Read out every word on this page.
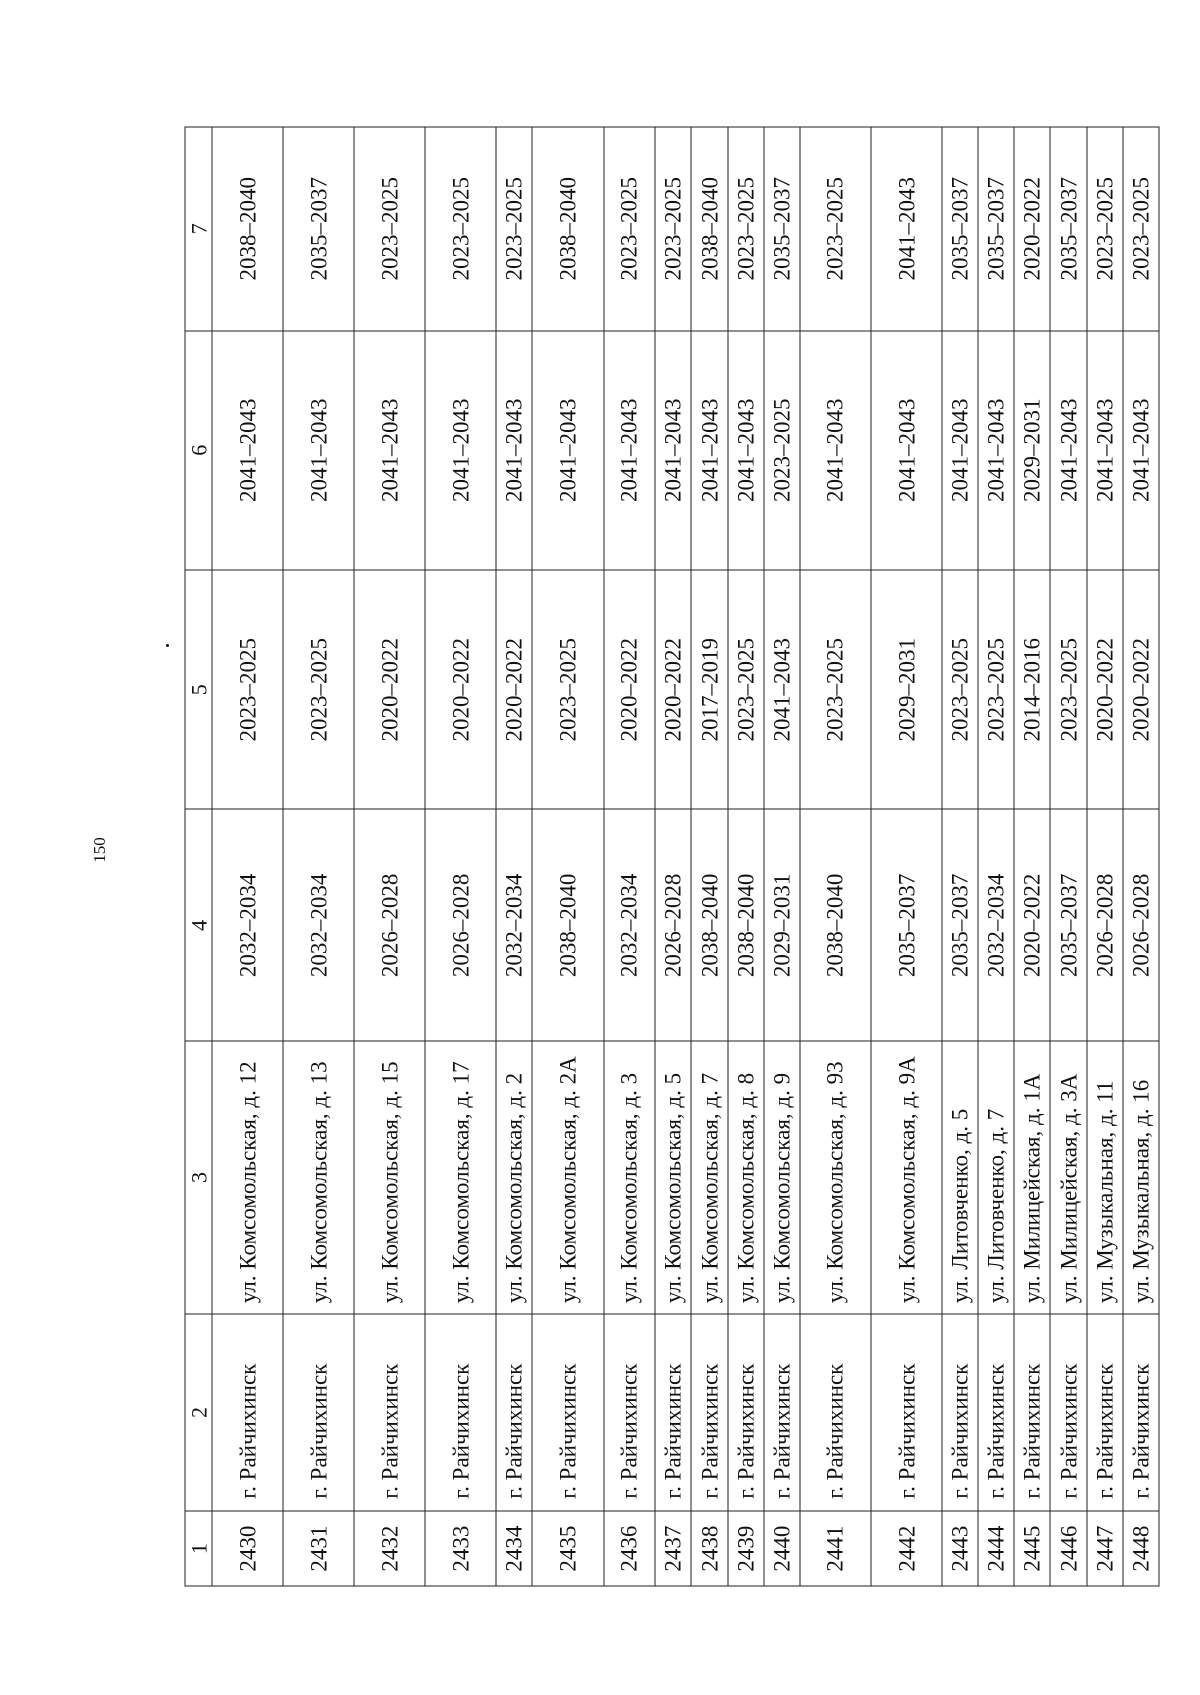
150
1	2	3	4	5	6	7
2430	г. Райчихинск	ул. Комсомольская, д. 12	2032–2034	2023–2025	2041–2043	2038–2040
2431	г. Райчихинск	ул. Комсомольская, д. 13	2032–2034	2023–2025	2041–2043	2035–2037
2432	г. Райчихинск	ул. Комсомольская, д. 15	2026–2028	2020–2022	2041–2043	2023–2025
2433	г. Райчихинск	ул. Комсомольская, д. 17	2026–2028	2020–2022	2041–2043	2023–2025
2434	г. Райчихинск	ул. Комсомольская, д. 2	2032–2034	2020–2022	2041–2043	2023–2025
2435	г. Райчихинск	ул. Комсомольская, д. 2А	2038–2040	2023–2025	2041–2043	2038–2040
2436	г. Райчихинск	ул. Комсомольская, д. 3	2032–2034	2020–2022	2041–2043	2023–2025
2437	г. Райчихинск	ул. Комсомольская, д. 5	2026–2028	2020–2022	2041–2043	2023–2025
2438	г. Райчихинск	ул. Комсомольская, д. 7	2038–2040	2017–2019	2041–2043	2038–2040
2439	г. Райчихинск	ул. Комсомольская, д. 8	2038–2040	2023–2025	2041–2043	2023–2025
2440	г. Райчихинск	ул. Комсомольская, д. 9	2029–2031	2041–2043	2023–2025	2035–2037
2441	г. Райчихинск	ул. Комсомольская, д. 93	2038–2040	2023–2025	2041–2043	2023–2025
2442	г. Райчихинск	ул. Комсомольская, д. 9А	2035–2037	2029–2031	2041–2043	2041–2043
2443	г. Райчихинск	ул. Литовченко, д. 5	2035–2037	2023–2025	2041–2043	2035–2037
2444	г. Райчихинск	ул. Литовченко, д. 7	2032–2034	2023–2025	2041–2043	2035–2037
2445	г. Райчихинск	ул. Милицейская, д. 1А	2020–2022	2014–2016	2029–2031	2020–2022
2446	г. Райчихинск	ул. Милицейская, д. 3А	2035–2037	2023–2025	2041–2043	2035–2037
2447	г. Райчихинск	ул. Музыкальная, д. 11	2026–2028	2020–2022	2041–2043	2023–2025
2448	г. Райчихинск	ул. Музыкальная, д. 16	2026–2028	2020–2022	2041–2043	2023–2025
